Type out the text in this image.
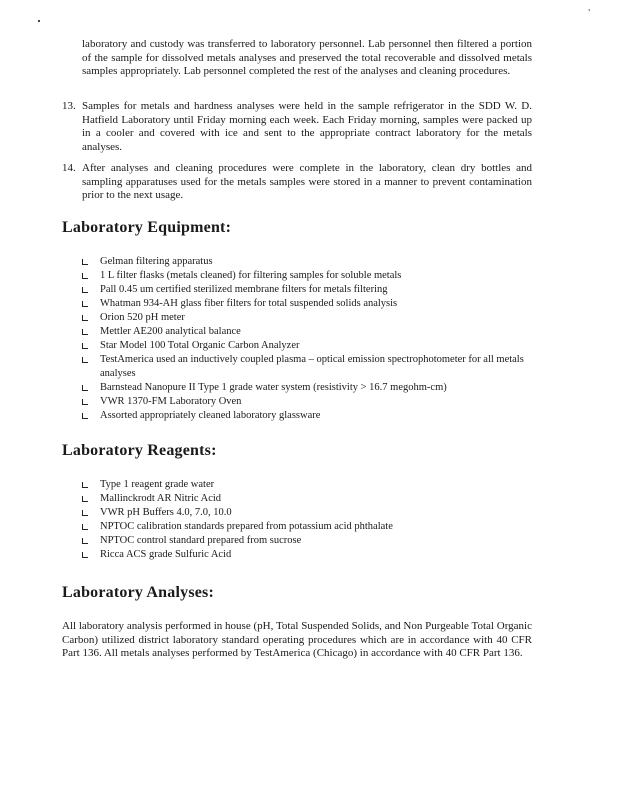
'
laboratory and custody was transferred to laboratory personnel. Lab personnel then filtered a portion of the sample for dissolved metals analyses and preserved the total recoverable and dissolved metals samples appropriately. Lab personnel completed the rest of the analyses and cleaning procedures.
13. Samples for metals and hardness analyses were held in the sample refrigerator in the SDD W. D. Hatfield Laboratory until Friday morning each week. Each Friday morning, samples were packed up in a cooler and covered with ice and sent to the appropriate contract laboratory for the metals analyses.
14. After analyses and cleaning procedures were complete in the laboratory, clean dry bottles and sampling apparatuses used for the metals samples were stored in a manner to prevent contamination prior to the next usage.
Laboratory Equipment:
Gelman filtering apparatus
1 L filter flasks (metals cleaned) for filtering samples for soluble metals
Pall 0.45 um certified sterilized membrane filters for metals filtering
Whatman 934-AH glass fiber filters for total suspended solids analysis
Orion 520 pH meter
Mettler AE200 analytical balance
Star Model 100 Total Organic Carbon Analyzer
TestAmerica used an inductively coupled plasma – optical emission spectrophotometer for all metals analyses
Barnstead Nanopure II Type 1 grade water system (resistivity > 16.7 megohm-cm)
VWR 1370-FM Laboratory Oven
Assorted appropriately cleaned laboratory glassware
Laboratory Reagents:
Type 1 reagent grade water
Mallinckrodt AR Nitric Acid
VWR pH Buffers 4.0, 7.0, 10.0
NPTOC calibration standards prepared from potassium acid phthalate
NPTOC control standard prepared from sucrose
Ricca ACS grade Sulfuric Acid
Laboratory Analyses:
All laboratory analysis performed in house (pH, Total Suspended Solids, and Non Purgeable Total Organic Carbon) utilized district laboratory standard operating procedures which are in accordance with 40 CFR Part 136. All metals analyses performed by TestAmerica (Chicago) in accordance with 40 CFR Part 136.
